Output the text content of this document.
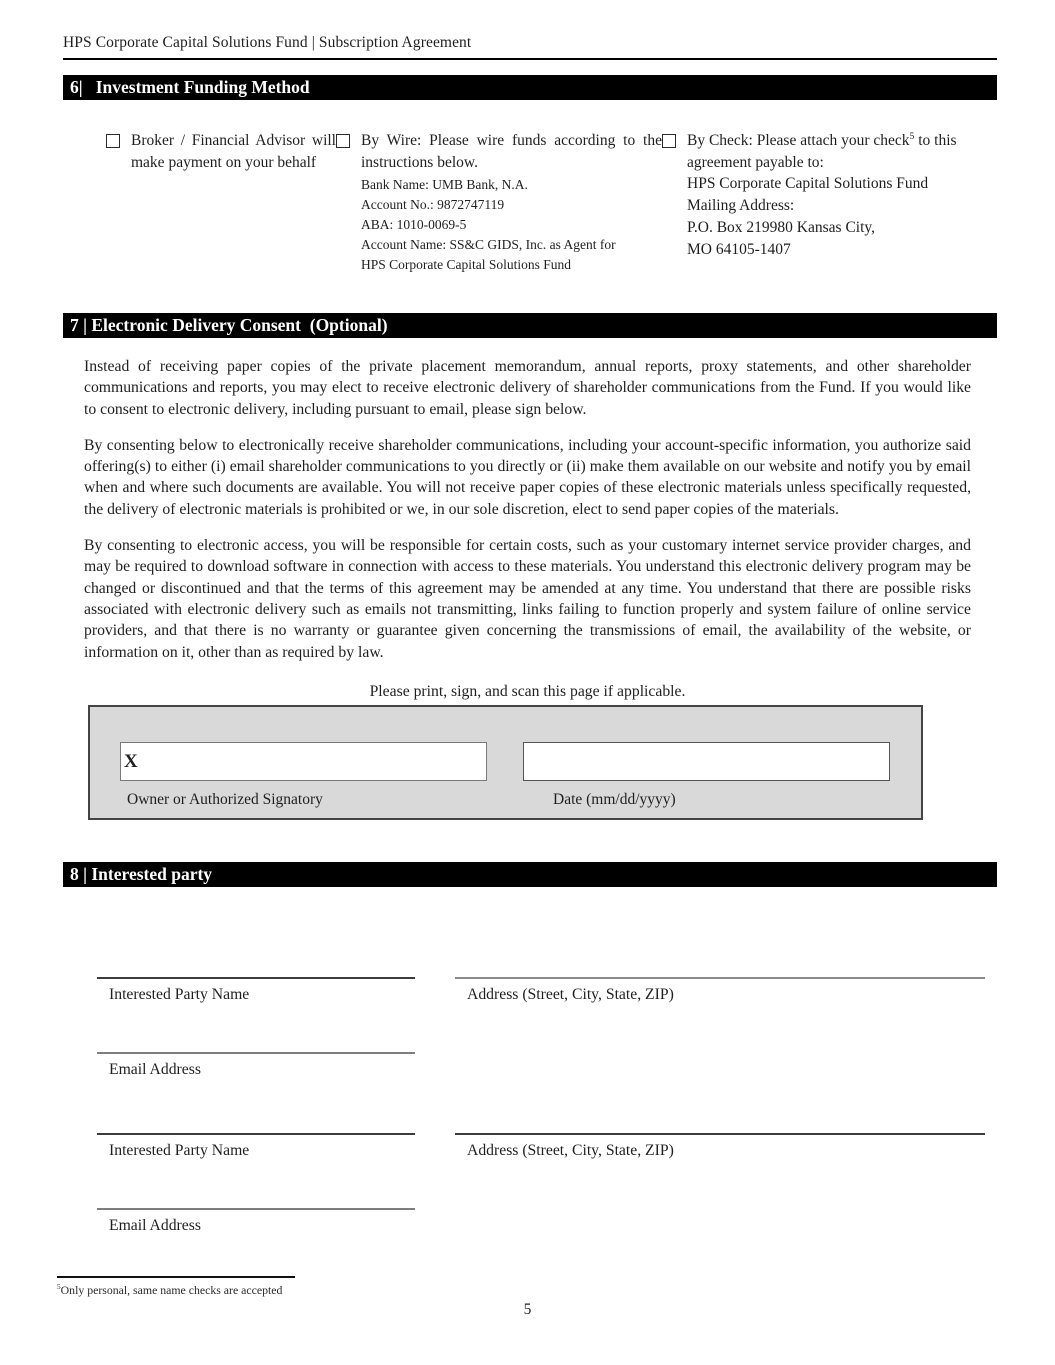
HPS Corporate Capital Solutions Fund | Subscription Agreement
6|   Investment Funding Method
Broker / Financial Advisor will make payment on your behalf
By Wire: Please wire funds according to the instructions below.
Bank Name: UMB Bank, N.A.
Account No.: 9872747119
ABA: 1010-0069-5
Account Name: SS&C GIDS, Inc. as Agent for
HPS Corporate Capital Solutions Fund
By Check: Please attach your check$^5$ to this agreement payable to:
HPS Corporate Capital Solutions Fund
Mailing Address:
P.O. Box 219980 Kansas City,
MO 64105-1407
7 | Electronic Delivery Consent  (Optional)

Instead of receiving paper copies of the private placement memorandum, annual reports, proxy statements, and other shareholder communications and reports, you may elect to receive electronic delivery of shareholder communications from the Fund. If you would like to consent to electronic delivery, including pursuant to email, please sign below.

By consenting below to electronically receive shareholder communications, including your account-specific information, you authorize said offering(s) to either (i) email shareholder communications to you directly or (ii) make them available on our website and notify you by email when and where such documents are available. You will not receive paper copies of these electronic materials unless specifically requested, the delivery of electronic materials is prohibited or we, in our sole discretion, elect to send paper copies of the materials.

By consenting to electronic access, you will be responsible for certain costs, such as your customary internet service provider charges, and may be required to download software in connection with access to these materials. You understand this electronic delivery program may be changed or discontinued and that the terms of this agreement may be amended at any time. You understand that there are possible risks associated with electronic delivery such as emails not transmitting, links failing to function properly and system failure of online service providers, and that there is no warranty or guarantee given concerning the transmissions of email, the availability of the website, or information on it, other than as required by law.

Please print, sign, and scan this page if applicable.
X
Owner or Authorized Signatory	Date (mm/dd/yyyy)
8 | Interested party
Interested Party Name	Address (Street, City, State, ZIP)
Email Address
Interested Party Name	Address (Street, City, State, ZIP)
Email Address
$^5$Only personal, same name checks are accepted
5
